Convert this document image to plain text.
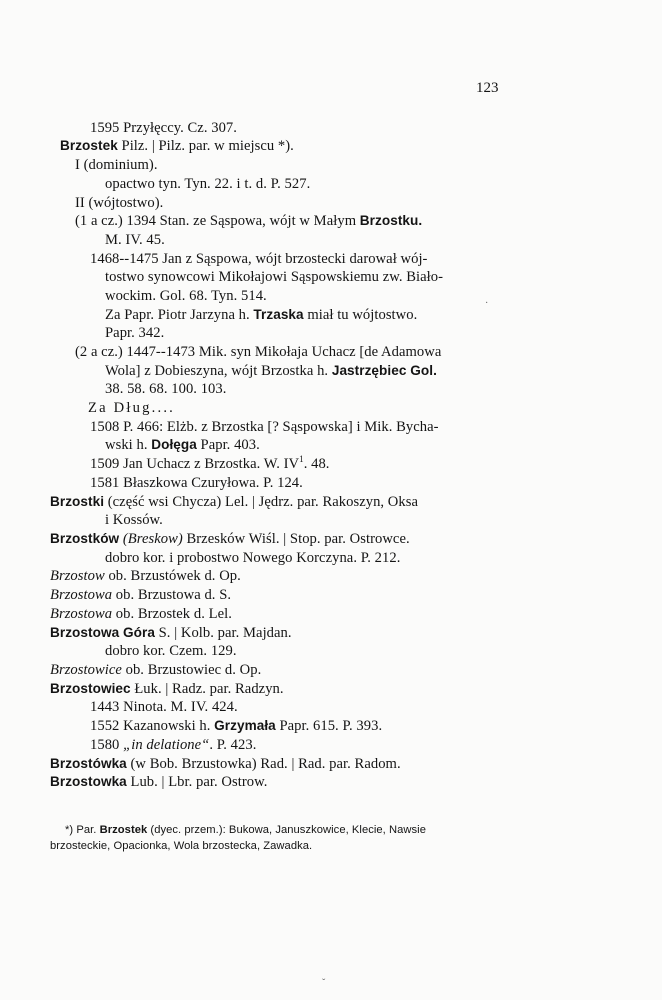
123
1595 Przyłęccy. Cz. 307.
Brzostek Pilz. | Pilz. par. w miejscu *).
I (dominium).
opactwo tyn. Tyn. 22. i t. d. P. 527.
II (wójtostwo).
(1 a cz.) 1394 Stan. ze Sąspowa, wójt w Małym Brzostku.
M. IV. 45.
1468--1475 Jan z Sąspowa, wójt brzostecki darował wój-
tostwo synowcowi Mikołajowi Sąspowskiemu zw. Biało-
wockim. Gol. 68. Tyn. 514.
Za Papr. Piotr Jarzyna h. Trzaska miał tu wójtostwo.
Papr. 342.
(2 a cz.) 1447--1473 Mik. syn Mikołaja Uchacz [de Adamowa
Wola] z Dobieszyna, wójt Brzostka h. Jastrzębiec Gol.
38. 58. 68. 100. 103.
Za Dług....
1508 P. 466: Elżb. z Brzostka [? Sąspowska] i Mik. Bycha-
wski h. Dołęga Papr. 403.
1509 Jan Uchacz z Brzostka. W. $IV^1$. 48.
1581 Błaszkowa Czuryłowa. P. 124.
Brzostki (część wsi Chycza) Lel. | Jędrz. par. Rakoszyn, Oksa
i Kossów.
Brzostków (Breskow) Brzesków Wiśl. | Stop. par. Ostrowce.
dobro kor. i probostwo Nowego Korczyna. P. 212.
Brzostow ob. Brzustówek d. Op.
Brzostowa ob. Brzustowa d. S.
Brzostowa ob. Brzostek d. Lel.
Brzostowa Góra S. | Kolb. par. Majdan.
dobro kor. Czem. 129.
Brzostowice ob. Brzustowiec d. Op.
Brzostowiec Łuk. | Radz. par. Radzyn.
1443 Ninota. M. IV. 424.
1552 Kazanowski h. Grzymała Papr. 615. P. 393.
1580 „in delatione“. P. 423.
Brzostówka (w Bob. Brzustowka) Rad. | Rad. par. Radom.
Brzostowka Lub. | Lbr. par. Ostrow.
*) Par. Brzostek (dyec. przem.): Bukowa, Januszkowice, Klecie, Nawsie
brzosteckie, Opacionka, Wola brzostecka, Zawadka.
·
ˇ
